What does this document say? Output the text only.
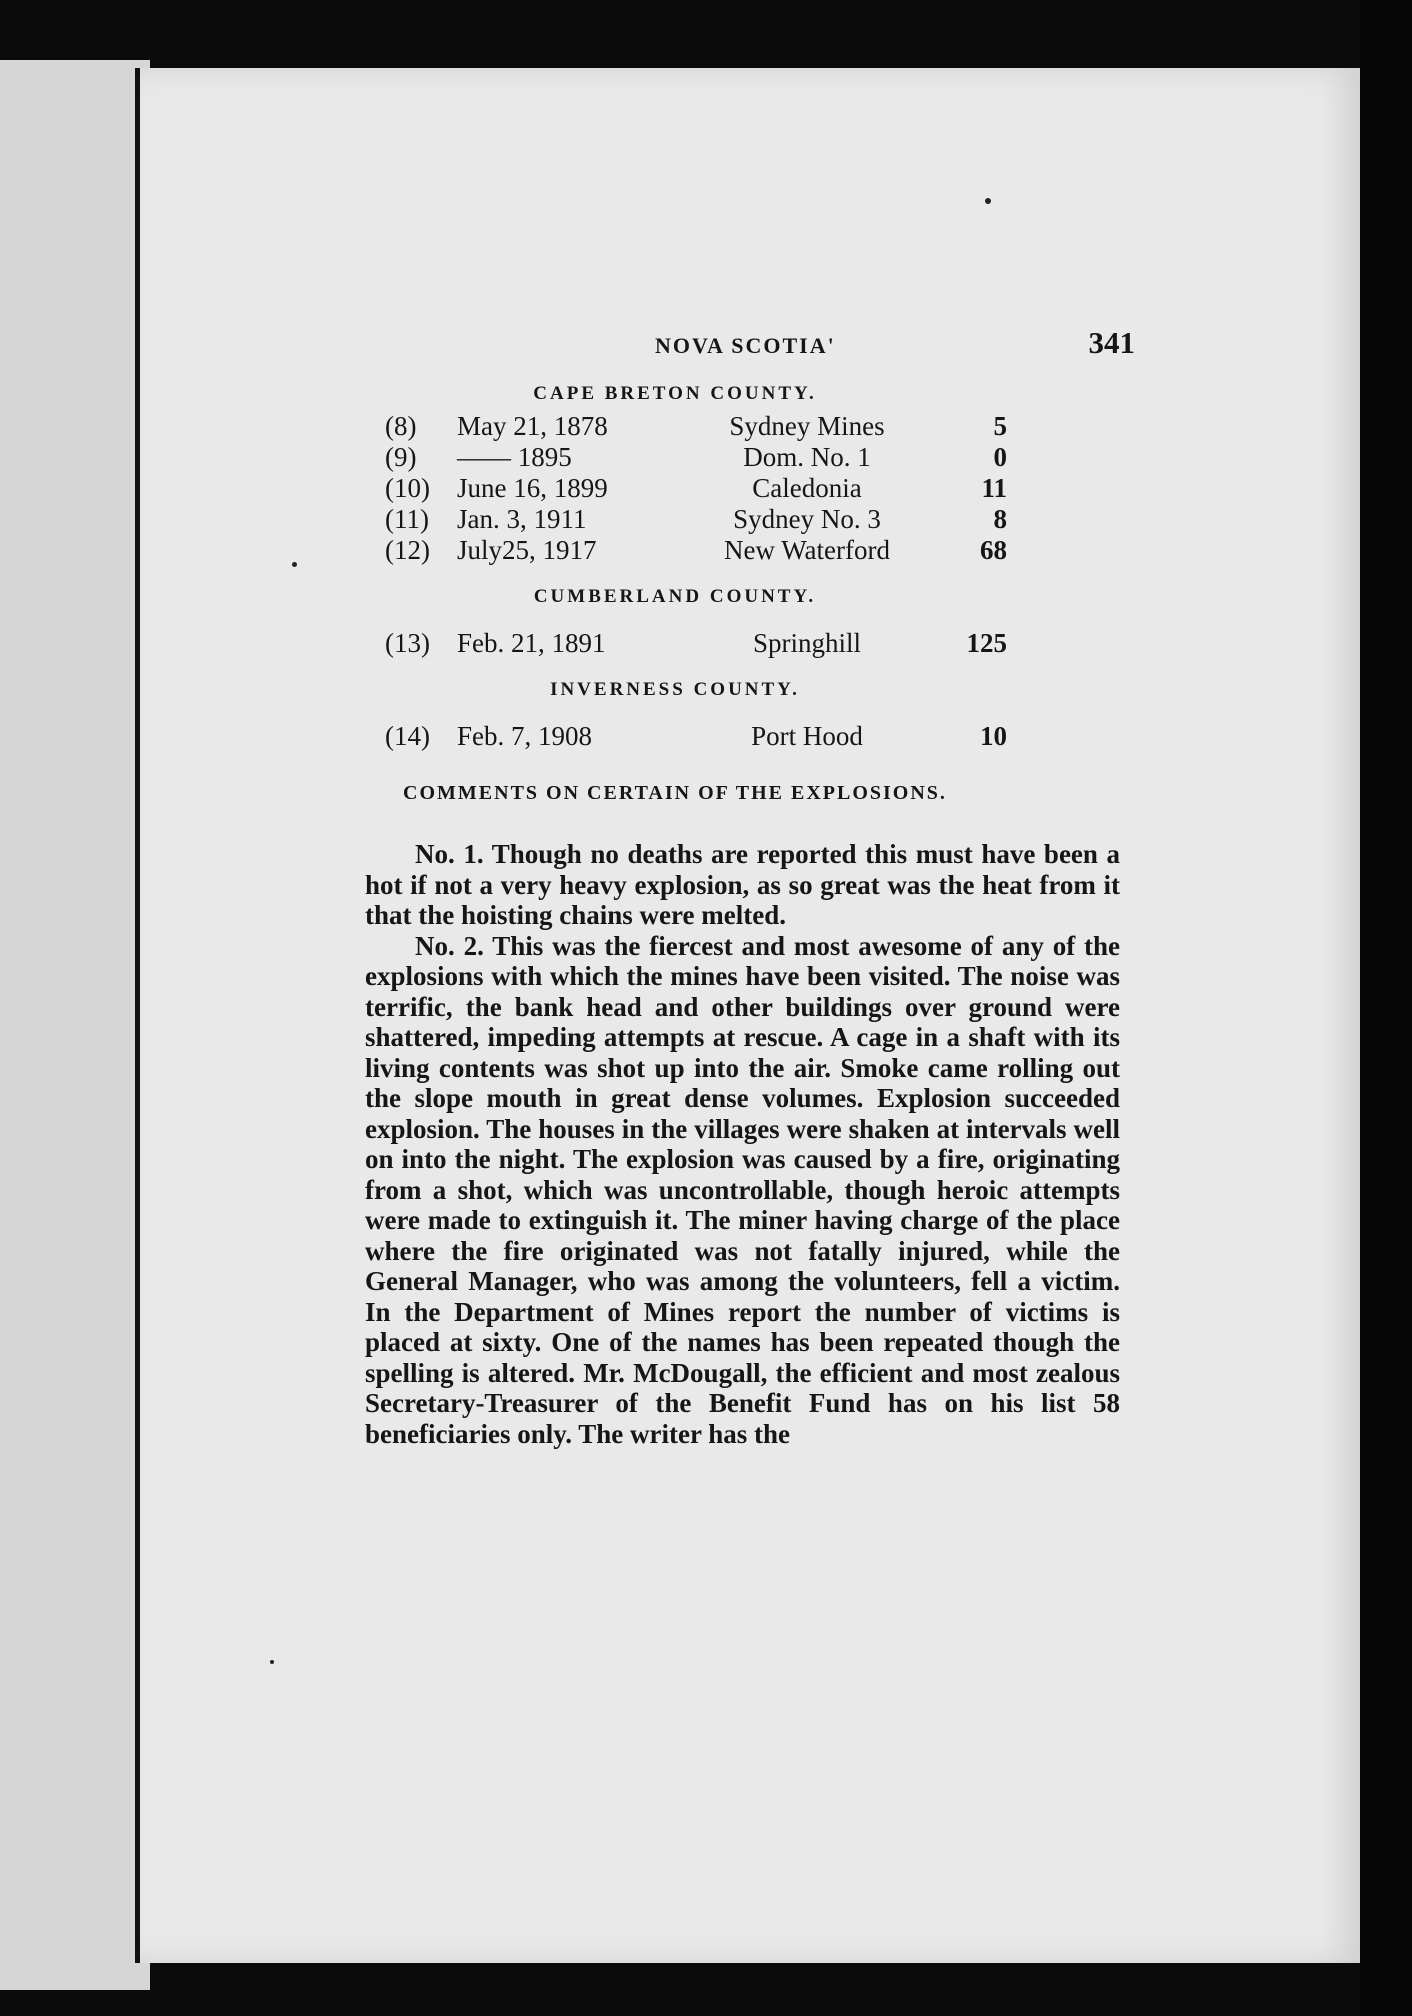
NOVA SCOTIA'	341
CAPE BRETON COUNTY.
(8)	May 21, 1878	Sydney Mines	5
(9)	—— 1895	Dom. No. 1	0
(10)	June 16, 1899	Caledonia	11
(11)	Jan. 3, 1911	Sydney No. 3	8
(12)	July25, 1917	New Waterford	68
CUMBERLAND COUNTY.
(13)	Feb. 21, 1891	Springhill	125
INVERNESS COUNTY.
(14)	Feb. 7, 1908	Port Hood	10
COMMENTS ON CERTAIN OF THE EXPLOSIONS.

No. 1. Though no deaths are reported this must have been a hot if not a very heavy explosion, as so great was the heat from it that the hoisting chains were melted.

No. 2. This was the fiercest and most awesome of any of the explosions with which the mines have been visited. The noise was terrific, the bank head and other buildings over ground were shattered, impeding attempts at rescue. A cage in a shaft with its living contents was shot up into the air. Smoke came rolling out the slope mouth in great dense volumes. Explosion succeeded explosion. The houses in the villages were shaken at intervals well on into the night. The explosion was caused by a fire, originating from a shot, which was uncontrollable, though heroic attempts were made to extinguish it. The miner having charge of the place where the fire originated was not fatally injured, while the General Manager, who was among the volunteers, fell a victim. In the Department of Mines report the number of victims is placed at sixty. One of the names has been repeated though the spelling is altered. Mr. McDougall, the efficient and most zealous Secretary-Treasurer of the Benefit Fund has on his list 58 beneficiaries only. The writer has the
